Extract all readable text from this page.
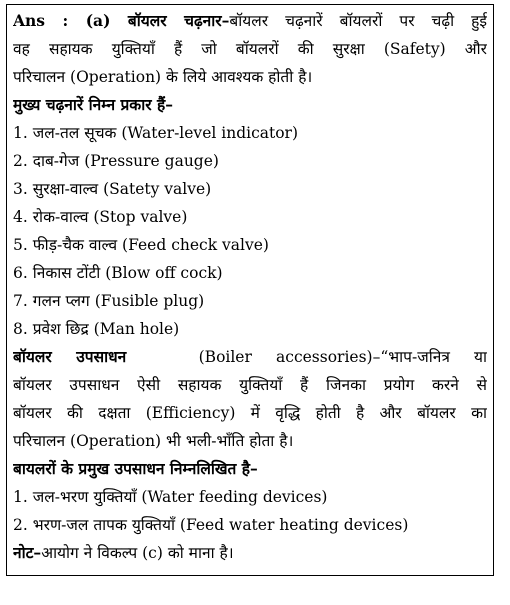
Ans : (a) बॉयलर चढ़नार–बॉयलर चढ़नारें बॉयलरों पर चढ़ी हुई
वह सहायक युक्तियाँ हैं जो बॉयलरों की सुरक्षा (Safety) और
परिचालन (Operation) के लिये आवश्यक होती है।
मुख्य चढ़नारें निम्न प्रकार हैं–
1. जल-तल सूचक (Water-level indicator)
2. दाब-गेज (Pressure gauge)
3. सुरक्षा-वाल्व (Satety valve)
4. रोक-वाल्व (Stop valve)
5. फीड़-चैक वाल्व (Feed check valve)
6. निकास टोंटी (Blow off cock)
7. गलन प्लग (Fusible plug)
8. प्रवेश छिद्र (Man hole)
बॉयलर उपसाधन	(Boiler accessories)–“भाप-जनित्र या
बॉयलर उपसाधन ऐसी सहायक युक्तियाँ हैं जिनका प्रयोग करने से
बॉयलर की दक्षता (Efficiency) में वृद्धि होती है और बॉयलर का
परिचालन (Operation) भी भली-भाँति होता है।
बायलरों के प्रमुख उपसाधन निम्नलिखित है–
1. जल-भरण युक्तियाँ (Water feeding devices)
2. भरण-जल तापक युक्तियाँ (Feed water heating devices)
नोट–आयोग ने विकल्प (c) को माना है।
